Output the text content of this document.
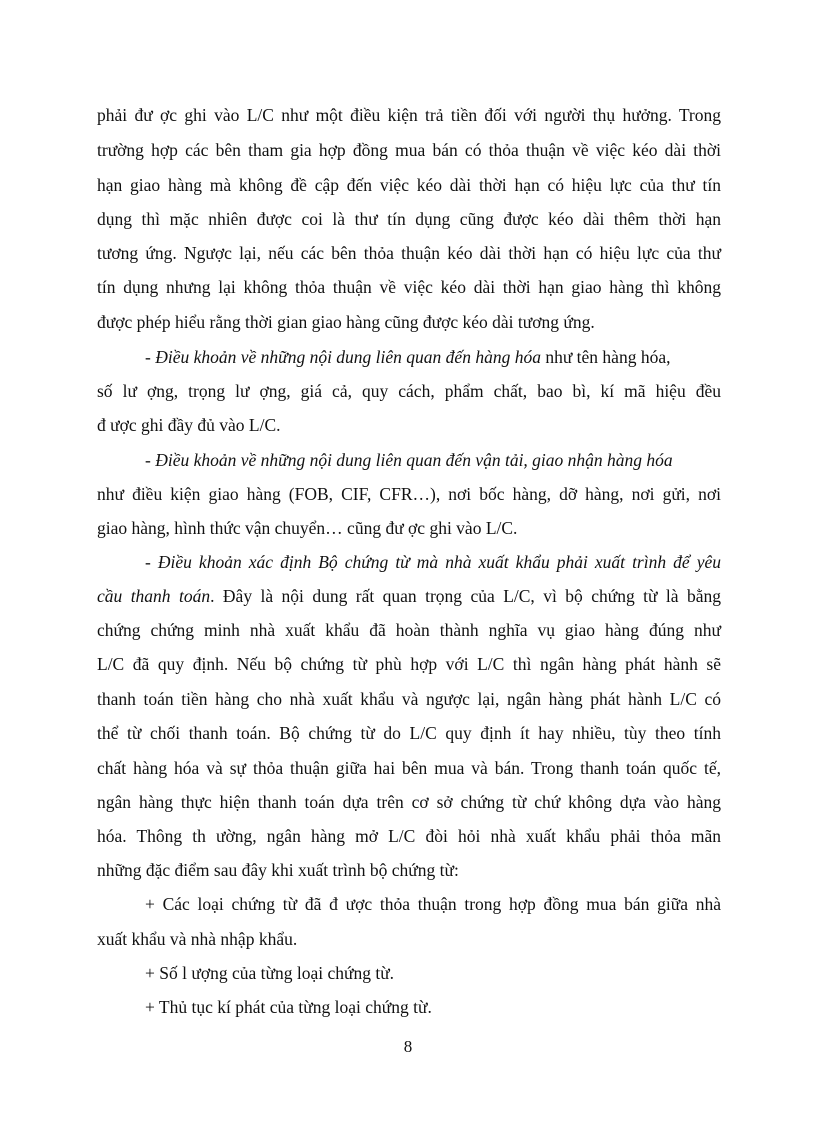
phải đư ợc ghi vào L/C như một điều kiện trả tiền đối với người thụ hưởng. Trong
trường hợp các bên tham gia hợp đồng mua bán có thỏa thuận về việc kéo dài thời
hạn giao hàng mà không đề cập đến việc kéo dài thời hạn có hiệu lực của thư tín
dụng thì mặc nhiên được coi là thư tín dụng cũng được kéo dài thêm thời hạn
tương ứng. Ngược lại, nếu các bên thỏa thuận kéo dài thời hạn có hiệu lực của thư
tín dụng nhưng lại không thỏa thuận về việc kéo dài thời hạn giao hàng thì không
được phép hiểu rằng thời gian giao hàng cũng được kéo dài tương ứng.
- Điều khoản về những nội dung liên quan đến hàng hóa như tên hàng hóa,
số lư ợng, trọng lư ợng, giá cả, quy cách, phẩm chất, bao bì, kí mã hiệu đều
đ ược ghi đầy đủ vào L/C.
- Điều khoản về những nội dung liên quan đến vận tải, giao nhận hàng hóa
như điều kiện giao hàng (FOB, CIF, CFR…), nơi bốc hàng, dỡ hàng, nơi gửi, nơi
giao hàng, hình thức vận chuyển… cũng đư ợc ghi vào L/C.
- Điều khoản xác định Bộ chứng từ mà nhà xuất khẩu phải xuất trình để yêu
cầu thanh toán. Đây là nội dung rất quan trọng của L/C, vì bộ chứng từ là bằng
chứng chứng minh nhà xuất khẩu đã hoàn thành nghĩa vụ giao hàng đúng như
L/C đã quy định. Nếu bộ chứng từ phù hợp với L/C thì ngân hàng phát hành sẽ
thanh toán tiền hàng cho nhà xuất khẩu và ngược lại, ngân hàng phát hành L/C có
thể từ chối thanh toán. Bộ chứng từ do L/C quy định ít hay nhiều, tùy theo tính
chất hàng hóa và sự thỏa thuận giữa hai bên mua và bán. Trong thanh toán quốc tế,
ngân hàng thực hiện thanh toán dựa trên cơ sở chứng từ chứ không dựa vào hàng
hóa. Thông th ường, ngân hàng mở L/C đòi hỏi nhà xuất khẩu phải thỏa mãn
những đặc điểm sau đây khi xuất trình bộ chứng từ:
+ Các loại chứng từ đã đ ược thỏa thuận trong hợp đồng mua bán giữa nhà
xuất khẩu và nhà nhập khẩu.
+ Số l ượng của từng loại chứng từ.
+ Thủ tục kí phát của từng loại chứng từ.
8
